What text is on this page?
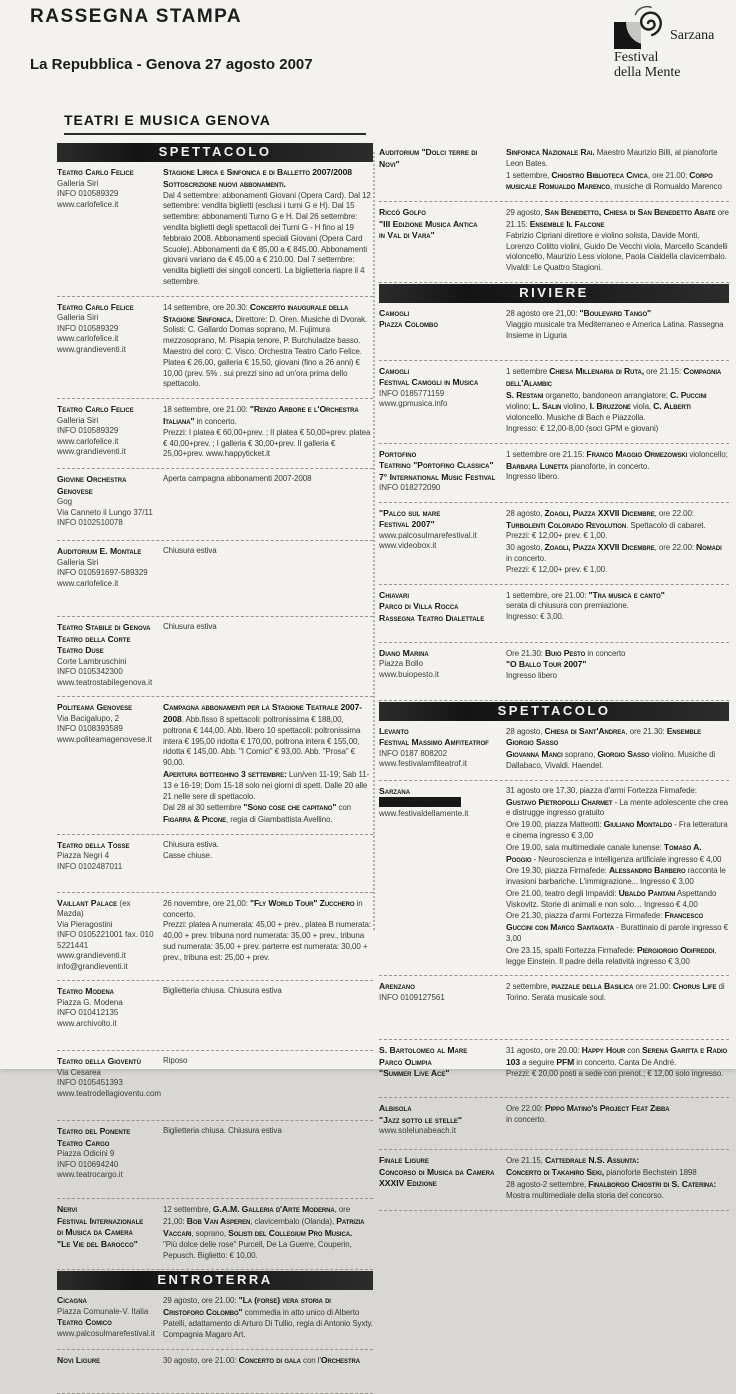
RASSEGNA STAMPA
La Repubblica - Genova 27 agosto 2007
Sarzana
Festival
della Mente
TEATRI E MUSICA GENOVA
SPETTACOLO
Teatro Carlo Felice
Galleria Siri
INFO 010589329
www.carlofelice.it
Stagione Lirica e Sinfonica e di Balletto 2007/2008
Sottoscrizione nuovi abbonamenti.
Dal 4 settembre: abbonamenti Giovani (Opera Card). Dal 12 settembre: vendita biglietti (esclusi i turni G e H). Dal 15 settembre: abbonamenti Turno G e H. Dal 26 settembre: vendita biglietti degli spettacoli dei Turni G - H fino al 19 febbraio 2008. Abbonamenti speciali Giovani (Opera Card Scuole). Abbonamenti da € 85,00 a € 845.00. Abbonamenti giovani variano da € 45.00 a € 210.00. Dal 7 settembre: vendita biglietti dei singoli concerti. La biglietteria riapre il 4 settembre.
Teatro Carlo Felice
Galleria Siri
INFO 010589329
www.carlofelice.it
www.grandieventi.it
14 settembre, ore 20.30: Concerto inaugurale della Stagione Sinfonica. Direttore: D. Oren. Musiche di Dvorak. Solisti: C. Gallardo Domas soprano, M. Fujimura mezzosoprano, M. Pisapia tenore, P. Burchuladze basso. Maestro del coro: C. Visco. Orchestra Teatro Carlo Felice. Platea € 26,00, galleria € 15,50, giovani (fino a 26 anni) € 10,00 (prev. 5% . sui prezzi sino ad un'ora prima dello spettacolo.
Teatro Carlo Felice
Galleria Siri
INFO 010589329
www.carlofelice.it
www.grandieventi.it
18 settembre, ore 21.00: "Renzo Arbore e l'Orchestra Italiana" in concerto.
Prezzi: I platea € 60,00+prev. ; II platea € 50,00+prev. platea € 40,00+prev. ; I galleria € 30,00+prev. II galleria € 25,00+prev. www.happyticket.it
Giovine Orchestra Genovese
Gog
Via Canneto il Lungo 37/11
INFO 0102510078
Aperta campagna abbonamenti 2007-2008
Auditorium E. Montale
Galleria Siri
INFO 010591697-589329
www.carlofelice.it
Chiusura estiva
Teatro Stabile di Genova
Teatro della Corte
Teatro Duse
Corte Lambruschini
INFO 0105342300
www.teatrostabilegenova.it
Chiusura estiva
Politeama Genovese
Via Bacigalupo, 2
INFO 0108393589
www.politeamagenovese.it
Campagna abbonamenti per la Stagione Teatrale 2007-2008. Abb.fisso 8 spettacoli: poltronissima € 188,00, poltrona € 144,00. Abb. libero 10 spettacoli: poltronissima intera € 195,00 ridotta € 170,00, poltrona intera € 155,00, ridotta € 145,00. Abb. "I Comici" € 93,00. Abb. "Prosa" € 90,00.
Apertura botteghino 3 settembre: Lun/ven 11-19; Sab 11-13 e 16-19; Dom 15-18 solo nei giorni di spett. Dalle 20 alle 21 nelle sere di spettacolo.
Dal 28 al 30 settembre "Sono cose che capitano" con Figarra & Picone, regia di Giambattista Avellino.
Teatro della Tosse
Piazza Negri 4
INFO 0102487011
Chiusura estiva.
Casse chiuse.
Vaillant Palace (ex Mazda)
Via Pieragostini
INFO 0105221001 fax. 010
5221441
www.grandieventi.it
info@grandieventi.it
26 novembre, ore 21,00: "Fly World Tour" Zucchero in concerto.
Prezzi: platea A numerata: 45,00 + prev., platea B numerata: 40,00 + prev. tribuna nord numerata: 35,00 + prev., tribuna sud numerata: 35,00 + prev. parterre est numerata: 30,00 + prev., tribuna est: 25,00 + prev.
Teatro Modena
Piazza G. Modena
INFO 010412135
www.archivolto.it
Biglietteria chiusa. Chiusura estiva
Teatro della Gioventù
Via Cesarea
INFO 0105451393
www.teatrodellagioventu.com
Riposo
Teatro del Ponente
Teatro Cargo
Piazza Odicini 9
INFO 010694240
www.teatrocargo.it
Biglietteria chiusa. Chiusura estiva
Nervi
Festival Internazionale
di Musica da Camera
"Le Vie del Barocco"
12 settembre, G.A.M. Galleria d'Arte Moderna, ore 21,00: Bob Van Asperen, clavicembalo (Olanda), Patrizia Vaccari, soprano, Solisti del Collegium Pro Musica.
"Più dolce delle rose" Purcell, De La Guerre, Couperin, Pepusch. Biglietto: € 10,00.
ENTROTERRA
Cicagna
Piazza Comunale-V. Italia
Teatro Comico
www.palcosulmarefestival.it
29 agosto, ore 21.00: "La (forse) vera storia di Cristoforo Colombo" commedia in atto unico di Alberto Patelli, adattamento di Arturo Di Tullio, regia di Antonio Syxty. Compagnia Magaro Art.
Novi Ligure	30 agosto, ore 21.00: Concerto di gala con l'Orchestra
Auditorium "Dolci terre di
Novi"
Sinfonica Nazionale Rai. Maestro Maurizio Billi, al pianoforte Leon Bates.
1 settembre, Chiostro Biblioteca Civica, ore 21.00: Corpo musicale Romualdo Marenco, musiche di Romualdo Marenco
Riccò Golfo
"III Edizione Musica Antica
in Val di Vara"
29 agosto, San Benedetto, Chiesa di San Benedetto Abate ore 21.15: Ensemble Il Falcone
Fabrizio Cipriani direttore e violino solista, Davide Monti, Lorenzo Colitto violini, Guido De Vecchi viola, Marcello Scandelli violoncello, Maurizio Less violone, Paola Cialdella clavicembalo. Vivaldi: Le Quattro Stagioni.
RIVIERE
Camogli
Piazza Colombo
28 agosto ore 21,00: "Boulevard Tango"
Viaggio musicale tra Mediterraneo e America Latina. Rassegna Insieme in Liguria
Camogli
Festival Camogli in Musica
INFO 0185771159
www.gpmusica.info
1 settembre Chiesa Millenaria di Ruta, ore 21.15: Compagnia dell'Alambic
S. Restani organetto, bandoneon arrangiatore; C. Puccini violino; L. Salin violino, I. Bruzzone viola, C. Alberti violoncello. Musiche di Bach e Piazzolla.
Ingresso: € 12,00-8,00 (soci GPM e giovani)
Portofino
Teatrino "Portofino Classica"
7° International Music Festival
INFO 018272090
1 settembre ore 21.15: Franco Maggio Ormezowski violoncello; Barbara Lunetta pianoforte, in concerto.
Ingresso libero.
"Palco sul mare
Festival 2007"
www.palcosulmarefestival.it
www.videobox.it
28 agosto, Zoagli, Piazza XXVII Dicembre, ore 22.00: Turbolenti Colorado Revolution. Spettacolo di cabaret.
Prezzi: € 12,00+ prev. € 1,00.
30 agosto, Zoagli, Piazza XXVII Dicembre, ore 22.00: Nomadi in concerto.
Prezzi: € 12,00+ prev. € 1,00.
Chiavari
Parco di Villa Rocca
Rassegna Teatro Dialettale
1 settembre, ore 21.00: "Tra musica e canto"
serata di chiusura con premiazione.
Ingresso: € 3,00.
Diano Marina
Piazza Bollo
www.buiopesto.it
Ore 21.30: Buio Pesto in concerto
"O Ballo Tour 2007"
Ingresso libero
SPETTACOLO
Levanto
Festival Massimo Amfiteatrof
INFO 0187 808202
www.festivalamfiteatrof.it
28 agosto, Chiesa di Sant'Andrea, ore 21.30: Ensemble Giorgio Sasso
Giovanna Manci soprano, Giorgio Sasso violino. Musiche di Dallabaco, Vivaldi. Haendel.
Sarzana
Festival della Mente
www.festivaldellamente.it
31 agosto ore 17.30, piazza d'armi Fortezza Firmafede: Gustavo Pietropolli Charmet - La mente adolescente che crea e distrugge ingresso gratuito
Ore 19.00, piazza Matteotti: Giuliano Montaldo - Fra letteratura e cinema ingresso € 3,00
Ore 19.00, sala multimediale canale lunense: Tomaso A. Poggio - Neuroscienza e intelligenza artificiale ingresso € 4,00
Ore 19.30, piazza Firmafede: Alessandro Barbero racconta le invasioni barbariche. L'immigrazione... Ingresso € 3,00
Ore 21.00, teatro degli Impavidi: Ubaldo Pantani Aspettando Viskovitz. Storie di animali e non solo… Ingresso € 4,00
Ore 21.30, piazza d'armi Fortezza Firmafede: Francesco Guccini con Marco Santagata - Burattinaio di parole ingresso € 3,00
Ore 23.15, spalti Fortezza Firmafede: Piergiorgio Odifreddi, legge Einstein. Il padre della relatività ingresso € 3,00
Arenzano
INFO 0109127561
2 settembre, piazzale della Basilica ore 21.00: Chorus Life di Torino. Serata musicale soul.
S. Bartolomeo al Mare
Parco Olimpia
"Summer Live Ace"
31 agosto, ore 20.00: Happy Hour con Serena Garitta e Radio 103 a seguire PFM in concerto. Canta De André.
Prezzi: € 20,00 posti a sede con prenot.; € 12,00 solo ingresso.
Albisola
"Jazz sotto le stelle"
www.solelunabeach.it
Ore 22.00: Pippo Matino's Project Feat Zibba
in concerto.
Finale Ligure
Concorso di Musica da Camera
XXXIV Edizione
Ore 21.15, Cattedrale N.S. Assunta:
Concerto di Takahiro Seki, pianoforte Bechstein 1898
28 agosto-2 settembre, Finalborgo Chiostri di S. Caterina:
Mostra multimediale della storia del concorso.
